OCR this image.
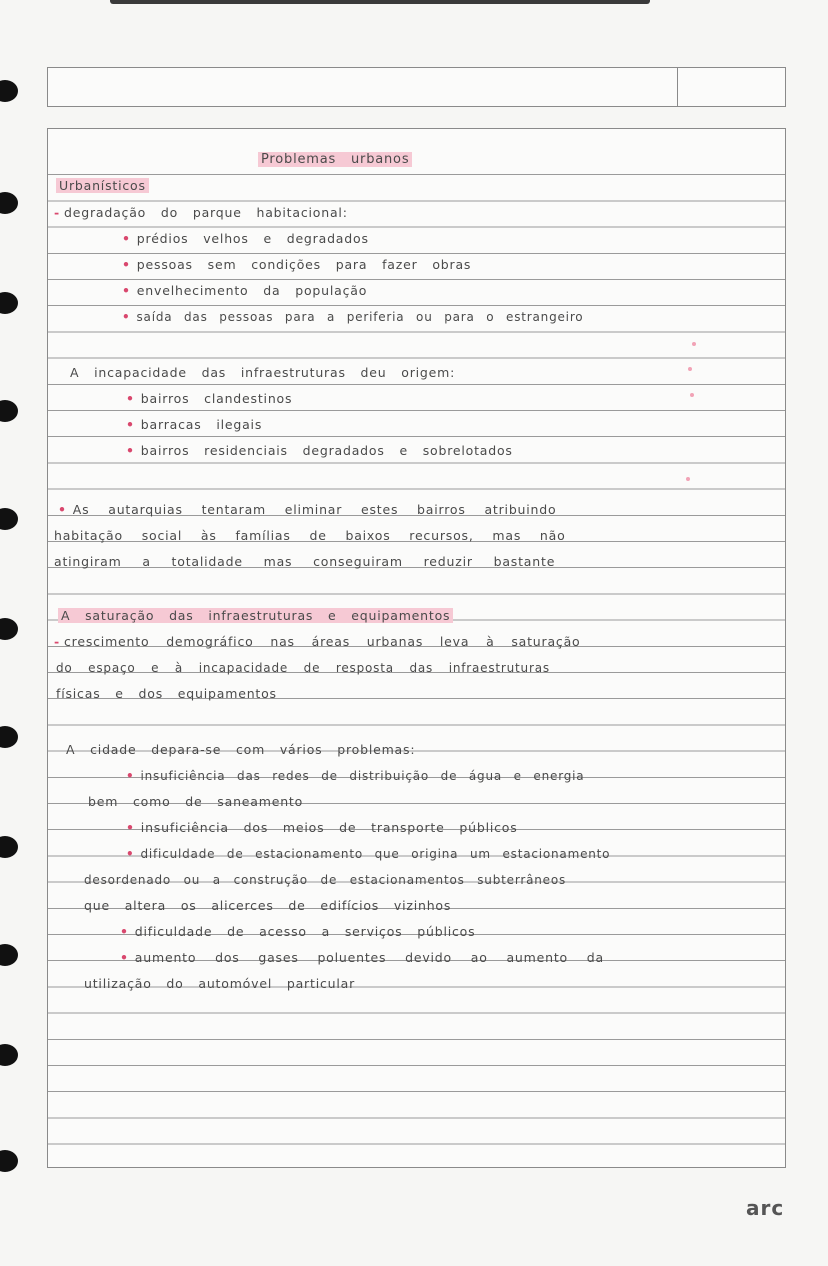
Problemas urbanos
Urbanísticos
- degradação do parque habitacional:
• prédios velhos e degradados
• pessoas sem condições para fazer obras
• envelhecimento da população
• saída das pessoas para a periferia ou para o estrangeiro
A incapacidade das infraestruturas deu origem:
• bairros clandestinos
• barracas ilegais
• bairros residenciais degradados e sobrelotados
• As autarquias tentaram eliminar estes bairros atribuindo
habitação social às famílias de baixos recursos, mas não
atingiram a totalidade mas conseguiram reduzir bastante
A saturação das infraestruturas e equipamentos
- crescimento demográfico nas áreas urbanas leva à saturação
do espaço e à incapacidade de resposta das infraestruturas
físicas e dos equipamentos
A cidade depara-se com vários problemas:
• insuficiência das redes de distribuição de água e energia
bem como de saneamento
• insuficiência dos meios de transporte públicos
• dificuldade de estacionamento que origina um estacionamento
desordenado ou a construção de estacionamentos subterrâneos
que altera os alicerces de edifícios vizinhos
• dificuldade de acesso a serviços públicos
• aumento dos gases poluentes devido ao aumento da
utilização do automóvel particular
arc
